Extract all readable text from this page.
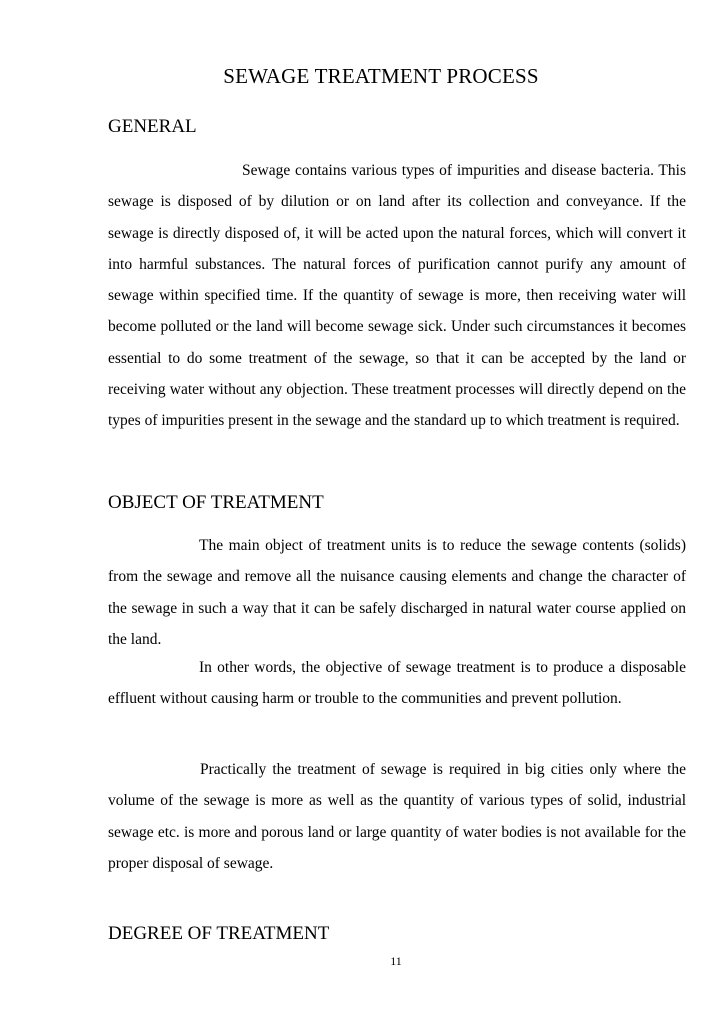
SEWAGE TREATMENT PROCESS
GENERAL
Sewage contains various types of impurities and disease bacteria. This sewage is disposed of by dilution or on land after its collection and conveyance. If the sewage is directly disposed of, it will be acted upon the natural forces, which will convert it into harmful substances. The natural forces of purification cannot purify any amount of sewage within specified time. If the quantity of sewage is more, then receiving water will become polluted or the land will become sewage sick. Under such circumstances it becomes essential to do some treatment of the sewage, so that it can be accepted by the land or receiving water without any objection. These treatment processes will directly depend on the types of impurities present in the sewage and the standard up to which treatment is required.
OBJECT OF TREATMENT
The main object of treatment units is to reduce the sewage contents (solids) from the sewage and remove all the nuisance causing elements and change the character of the sewage in such a way that it can be safely discharged in natural water course applied on the land.
In other words, the objective of sewage treatment is to produce a disposable effluent without causing harm or trouble to the communities and prevent pollution.
Practically the treatment of sewage is required in big cities only where the volume of the sewage is more as well as the quantity of various types of solid, industrial sewage etc. is more and porous land or large quantity of water bodies is not available for the proper disposal of sewage.
DEGREE OF TREATMENT
11
